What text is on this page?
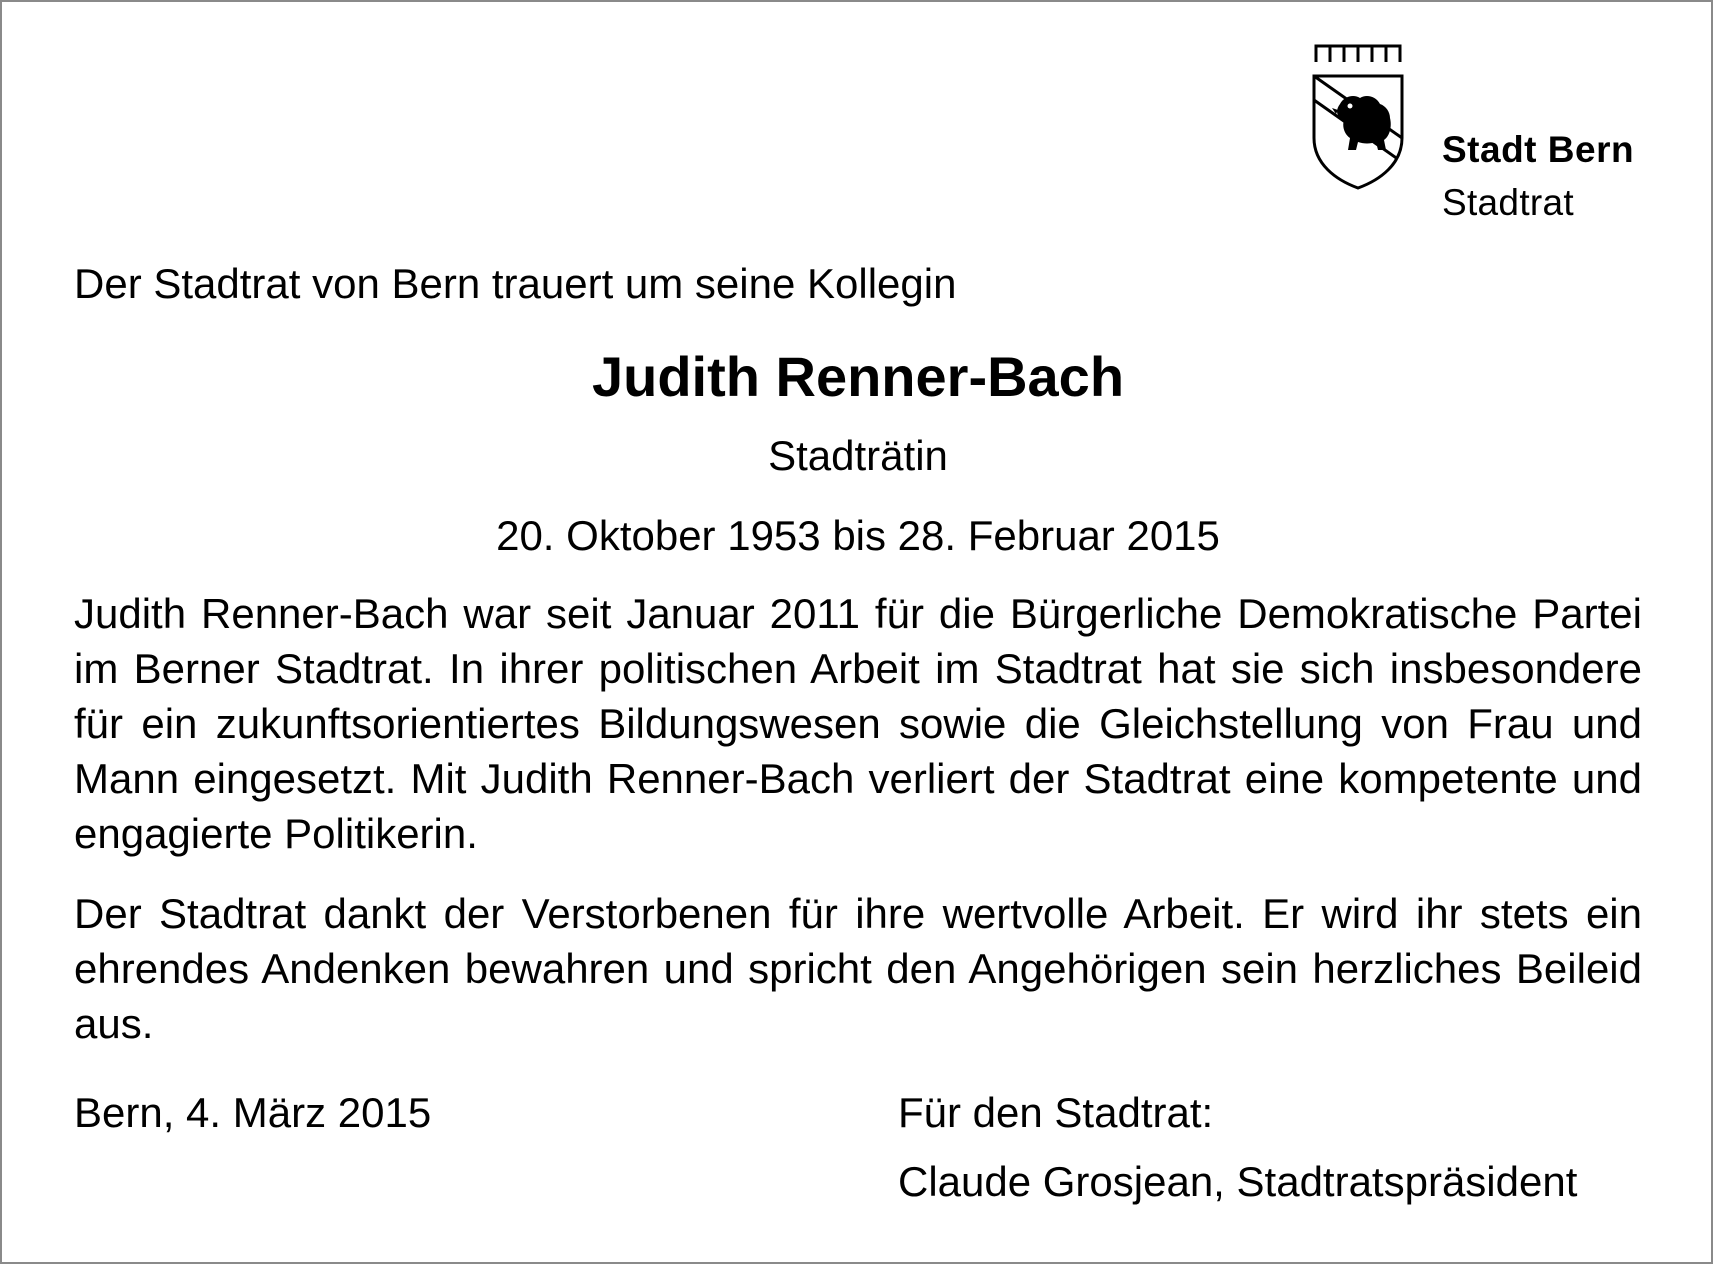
Stadt Bern
Stadtrat
Der Stadtrat von Bern trauert um seine Kollegin
Judith Renner-Bach
Stadträtin
20. Oktober 1953 bis 28. Februar 2015

Judith Renner-Bach war seit Januar 2011 für die Bürgerliche Demokratische Partei im Berner Stadtrat. In ihrer politischen Arbeit im Stadtrat hat sie sich insbesondere für ein zukunftsorientiertes Bildungswesen sowie die Gleichstellung von Frau und Mann eingesetzt. Mit Judith Renner-Bach verliert der Stadtrat eine kompetente und engagierte Politikerin.

Der Stadtrat dankt der Verstorbenen für ihre wertvolle Arbeit. Er wird ihr stets ein ehrendes Andenken bewahren und spricht den Angehörigen sein herzliches Beileid aus.

Bern, 4. März 2015	Für den Stadtrat:
Claude Grosjean, Stadtratspräsident
